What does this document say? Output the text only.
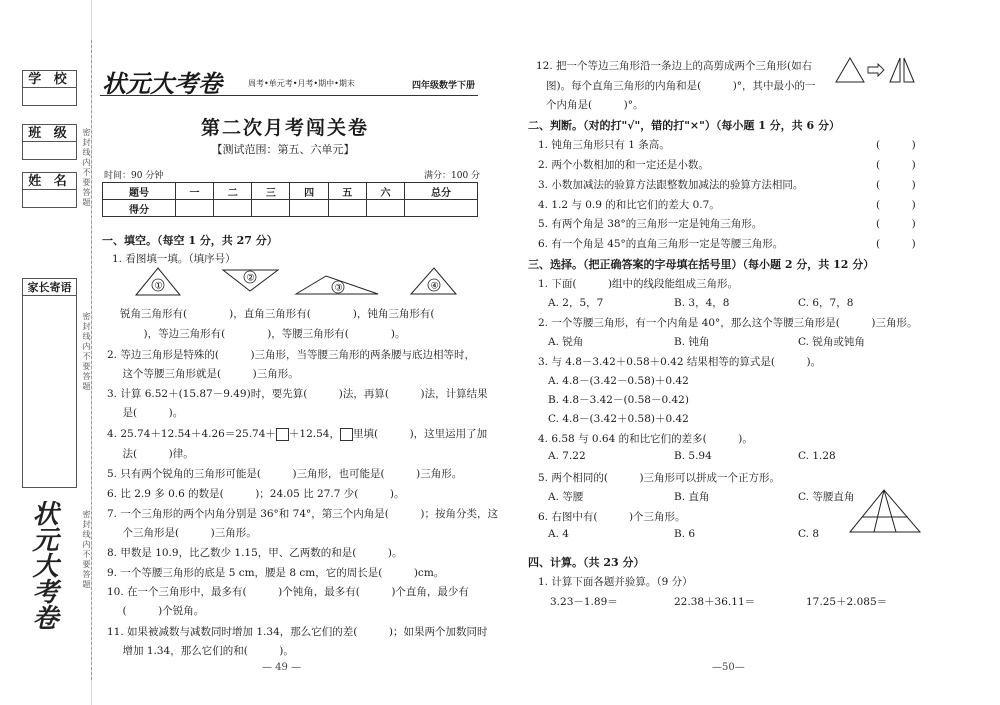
学 校
班 级
姓 名
家长寄语
密封线内不要答题
密封线内不要答题
密封线内不要答题
状元大考卷
状元大考卷	周考•单元考•月考•期中•期末	四年级数学下册
第二次月考闯关卷
【测试范围：第五、六单元】
时间：90 分钟	满分：100 分
题号	一	二	三	四	五	六	总分
得分							
一、填空。（每空 1 分，共 27 分）
1. 看图填一填。（填序号）
①
②
③	④
锐角三角形有(　　　　)，直角三角形有(　　　　)，钝角三角形有(
　　　)，等边三角形有(　　　　)，等腰三角形有(　　　　)。
2. 等边三角形是特殊的(　　　)三角形，当等腰三角形的两条腰与底边相等时，
　这个等腰三角形就是(　　　)三角形。
3. 计算 6.52＋(15.87－9.49)时，要先算(　　　)法，再算(　　　)法，计算结果
　是(　　　)。
4. 25.74＋12.54＋4.26＝25.74＋ ＋12.54， 里填(　　　)，这里运用了加
　法(　　　)律。
5. 只有两个锐角的三角形可能是(　　　)三角形，也可能是(　　　)三角形。
6. 比 2.9 多 0.6 的数是(　　　)；24.05 比 27.7 少(　　　)。
7. 一个三角形的两个内角分别是 36°和 74°，第三个内角是(　　　)；按角分类，这
　个三角形是(　　　)三角形。
8. 甲数是 10.9，比乙数少 1.15，甲、乙两数的和是(　　　)。
9. 一个等腰三角形的底是 5 cm，腰是 8 cm，它的周长是(　　　)cm。
10. 在一个三角形中，最多有(　　　)个钝角，最多有(　　　)个直角，最少有
　(　　　)个锐角。
11. 如果被减数与减数同时增加 1.34，那么它们的差(　　　)；如果两个加数同时
　增加 1.34，那么它们的和(　　　)。
— 49 —
12. 把一个等边三角形沿一条边上的高剪成两个三角形(如右
图)。每个直角三角形的内角和是(　　　)°，其中最小的一
个内角是(　　　)°。
二、判断。（对的打"√"，错的打"×"）（每小题 1 分，共 6 分）
1. 钝角三角形只有 1 条高。
2. 两个小数相加的和一定还是小数。
3. 小数加减法的验算方法跟整数加减法的验算方法相同。
4. 1.2 与 0.9 的和比它们的差大 0.7。
5. 有两个角是 38°的三角形一定是钝角三角形。
6. 有一个角是 45°的直角三角形一定是等腰三角形。
(　　　)
(　　　)
(　　　)
(　　　)
(　　　)
(　　　)
三、选择。（把正确答案的字母填在括号里）（每小题 2 分，共 12 分）
1. 下面(　　　)组中的线段能组成三角形。
A. 2，5，7	B. 3，4，8	C. 6，7，8
2. 一个等腰三角形，有一个内角是 40°，那么这个等腰三角形是(　　　)三角形。
A. 锐角	B. 钝角	C. 锐角或钝角
3. 与 4.8－3.42＋0.58＋0.42 结果相等的算式是(　　　)。
A. 4.8－(3.42－0.58)＋0.42
B. 4.8－3.42－(0.58－0.42)
C. 4.8－(3.42＋0.58)＋0.42
4. 6.58 与 0.64 的和比它们的差多(　　　)。
A. 7.22	B. 5.94	C. 1.28
5. 两个相同的(　　　)三角形可以拼成一个正方形。
A. 等腰	B. 直角	C. 等腰直角
6. 右图中有(　　　)个三角形。
A. 4	B. 6	C. 8
四、计算。（共 23 分）
1. 计算下面各题并验算。（9 分）
3.23－1.89＝	22.38＋36.11＝	17.25＋2.085＝
—50—
